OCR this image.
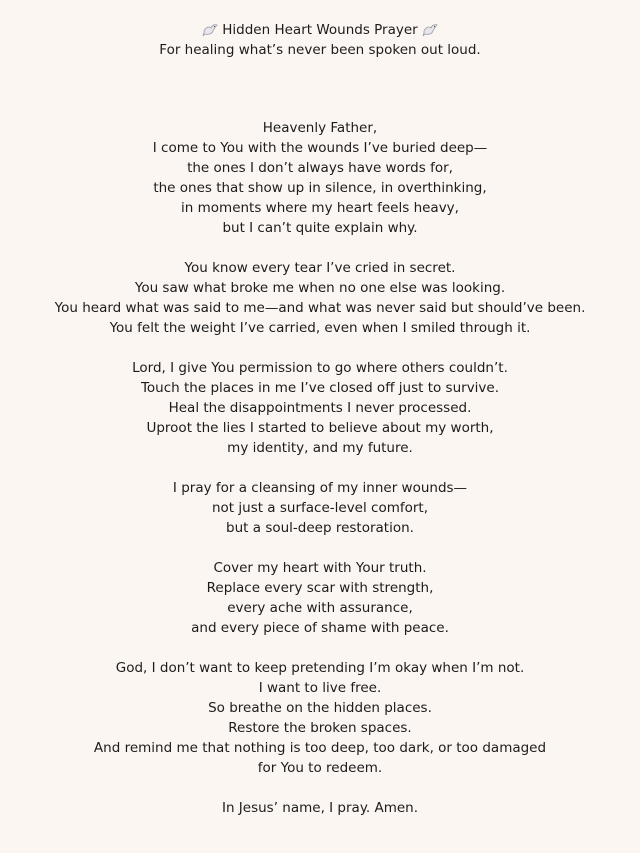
Hidden Heart Wounds Prayer
For healing what’s never been spoken out loud.
Heavenly Father,
I come to You with the wounds I’ve buried deep—
the ones I don’t always have words for,
the ones that show up in silence, in overthinking,
in moments where my heart feels heavy,
but I can’t quite explain why.
You know every tear I’ve cried in secret.
You saw what broke me when no one else was looking.
You heard what was said to me—and what was never said but should’ve been.
You felt the weight I’ve carried, even when I smiled through it.
Lord, I give You permission to go where others couldn’t.
Touch the places in me I’ve closed off just to survive.
Heal the disappointments I never processed.
Uproot the lies I started to believe about my worth,
my identity, and my future.
I pray for a cleansing of my inner wounds—
not just a surface-level comfort,
but a soul-deep restoration.
Cover my heart with Your truth.
Replace every scar with strength,
every ache with assurance,
and every piece of shame with peace.
God, I don’t want to keep pretending I’m okay when I’m not.
I want to live free.
So breathe on the hidden places.
Restore the broken spaces.
And remind me that nothing is too deep, too dark, or too damaged
for You to redeem.
In Jesus’ name, I pray. Amen.
